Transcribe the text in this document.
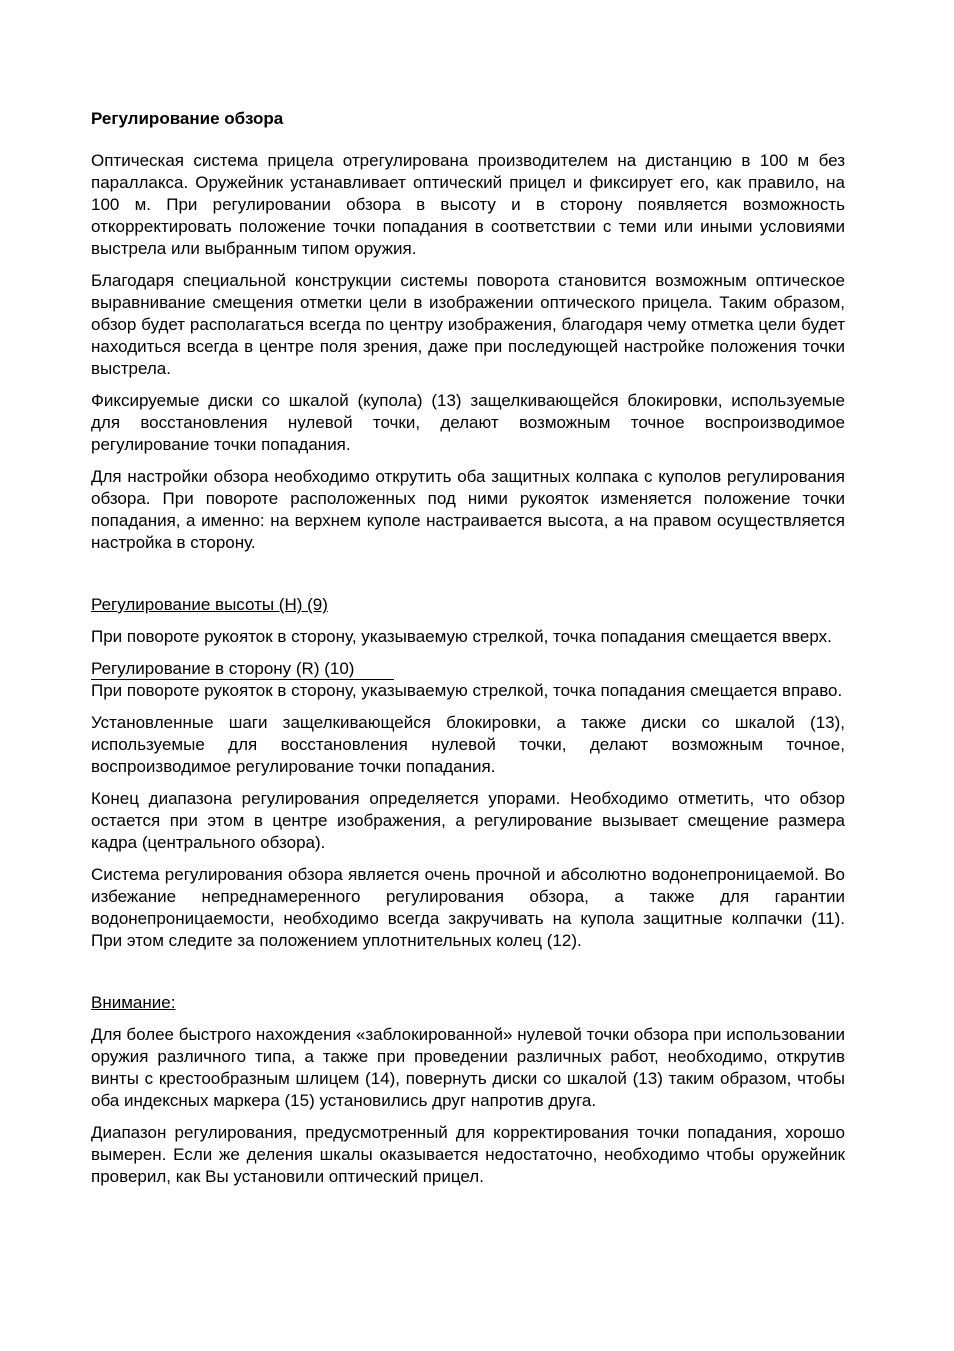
Регулирование обзора

Оптическая система прицела отрегулирована производителем на дистанцию в 100 м без параллакса. Оружейник устанавливает оптический прицел и фиксирует его, как правило, на 100 м. При регулировании обзора в высоту и в сторону появляется возможность откорректировать положение точки попадания в соответствии с теми или иными условиями выстрела или выбранным типом оружия.

Благодаря специальной конструкции системы поворота становится возможным оптическое выравнивание смещения отметки цели в изображении оптического прицела. Таким образом, обзор будет располагаться всегда по центру изображения, благодаря чему отметка цели будет находиться всегда в центре поля зрения, даже при последующей настройке положения точки выстрела.

Фиксируемые диски со шкалой (купола) (13) защелкивающейся блокировки, используемые для восстановления нулевой точки, делают возможным точное воспроизводимое регулирование точки попадания.

Для настройки обзора необходимо открутить оба защитных колпака с куполов регулирования обзора. При повороте расположенных под ними рукояток изменяется положение точки попадания, а именно: на верхнем куполе настраивается высота, а на правом осуществляется настройка в сторону.

Регулирование высоты (H) (9)

При повороте рукояток в сторону, указываемую стрелкой, точка попадания смещается вверх.

Регулирование в сторону (R) (10)

При повороте рукояток в сторону, указываемую стрелкой, точка попадания смещается вправо.

Установленные шаги защелкивающейся блокировки, а также диски со шкалой (13), используемые для восстановления нулевой точки, делают возможным точное, воспроизводимое регулирование точки попадания.

Конец диапазона регулирования определяется упорами. Необходимо отметить, что обзор остается при этом в центре изображения, а регулирование вызывает смещение размера кадра (центрального обзора).

Система регулирования обзора является очень прочной и абсолютно водонепроницаемой. Во избежание непреднамеренного регулирования обзора, а также для гарантии водонепроницаемости, необходимо всегда закручивать на купола защитные колпачки (11). При этом следите за положением уплотнительных колец (12).

Внимание:

Для более быстрого нахождения «заблокированной» нулевой точки обзора при использовании оружия различного типа, а также при проведении различных работ, необходимо, открутив винты с крестообразным шлицем (14), повернуть диски со шкалой (13) таким образом, чтобы оба индексных маркера (15) установились друг напротив друга.

Диапазон регулирования, предусмотренный для корректирования точки попадания, хорошо вымерен. Если же деления шкалы оказывается недостаточно, необходимо чтобы оружейник проверил, как Вы установили оптический прицел.
